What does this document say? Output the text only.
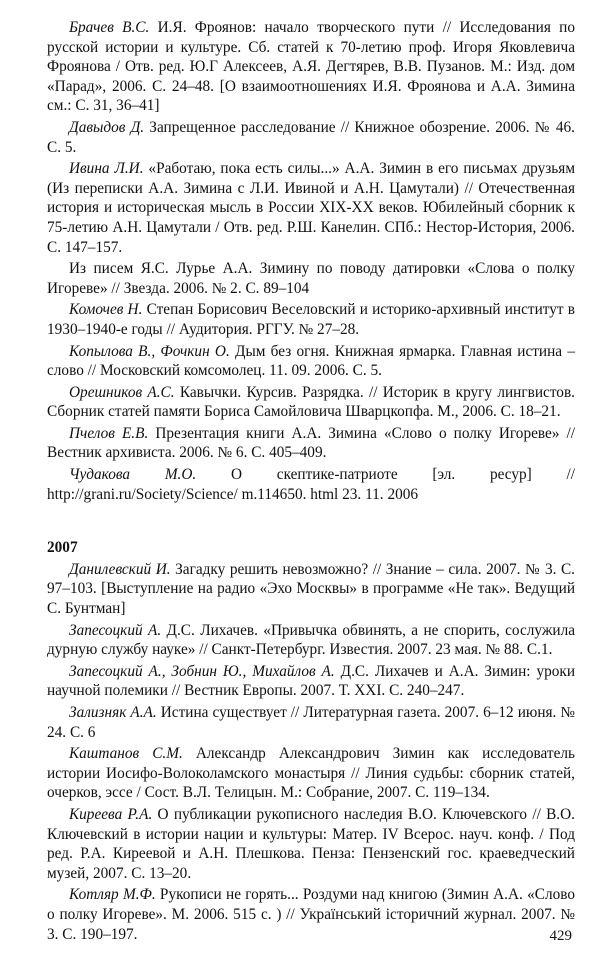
Брачев В.С. И.Я. Фроянов: начало творческого пути // Исследования по русской истории и культуре. Сб. статей к 70-летию проф. Игоря Яковлевича Фроянова / Отв. ред. Ю.Г Алексеев, А.Я. Дегтярев, В.В. Пузанов. М.: Изд. дом «Парад», 2006. С. 24–48. [О взаимоотношениях И.Я. Фроянова и А.А. Зимина см.: С. 31, 36–41]

Давыдов Д. Запрещенное расследование // Книжное обозрение. 2006. № 46. С. 5.

Ивина Л.И. «Работаю, пока есть силы...» А.А. Зимин в его письмах друзьям (Из переписки А.А. Зимина с Л.И. Ивиной и А.Н. Цамутали) // Отечественная история и историческая мысль в России XIX-XX веков. Юбилейный сборник к 75-летию А.Н. Цамутали / Отв. ред. Р.Ш. Канелин. СПб.: Нестор-История, 2006. С. 147–157.

Из писем Я.С. Лурье А.А. Зимину по поводу датировки «Слова о полку Игореве» // Звезда. 2006. № 2. С. 89–104

Комочев Н. Степан Борисович Веселовский и историко-архивный институт в 1930–1940-е годы // Аудитория. РГГУ. № 27–28.

Копылова В., Фочкин О. Дым без огня. Книжная ярмарка. Главная истина – слово // Московский комсомолец. 11. 09. 2006. С. 5.

Орешников А.С. Кавычки. Курсив. Разрядка. // Историк в кругу лингвистов. Сборник статей памяти Бориса Самойловича Шварцкопфа. М., 2006. С. 18–21.

Пчелов Е.В. Презентация книги А.А. Зимина «Слово о полку Игореве» // Вестник архивиста. 2006. № 6. С. 405–409.

Чудакова М.О. О скептике-патриоте [эл. ресур] // http://grani.ru/Society/Science/ m.114650. html 23. 11. 2006

2007

Данилевский И. Загадку решить невозможно? // Знание – сила. 2007. № 3. С. 97–103. [Выступление на радио «Эхо Москвы» в программе «Не так». Ведущий С. Бунтман]

Запесоцкий А. Д.С. Лихачев. «Привычка обвинять, а не спорить, сослужила дурную службу науке» // Санкт-Петербург. Известия. 2007. 23 мая. № 88. С.1.

Запесоцкий А., Зобнин Ю., Михайлов А. Д.С. Лихачев и А.А. Зимин: уроки научной полемики // Вестник Европы. 2007. Т. XXI. С. 240–247.

Зализняк А.А. Истина существует // Литературная газета. 2007. 6–12 июня. № 24. С. 6

Каштанов С.М. Александр Александрович Зимин как исследователь истории Иосифо-Волоколамского монастыря // Линия судьбы: сборник статей, очерков, эссе / Сост. В.Л. Телицын. М.: Собрание, 2007. С. 119–134.

Киреева Р.А. О публикации рукописного наследия В.О. Ключевского // В.О. Ключевский в истории нации и культуры: Матер. IV Всерос. науч. конф. / Под ред. Р.А. Киреевой и А.Н. Плешкова. Пенза: Пензенский гос. краеведческий музей, 2007. С. 13–20.

Котляр М.Ф. Рукописи не горять... Роздуми над книгою (Зимин А.А. «Слово о полку Игореве». М. 2006. 515 с. ) // Український історичний журнал. 2007. № 3. С. 190–197.	429
